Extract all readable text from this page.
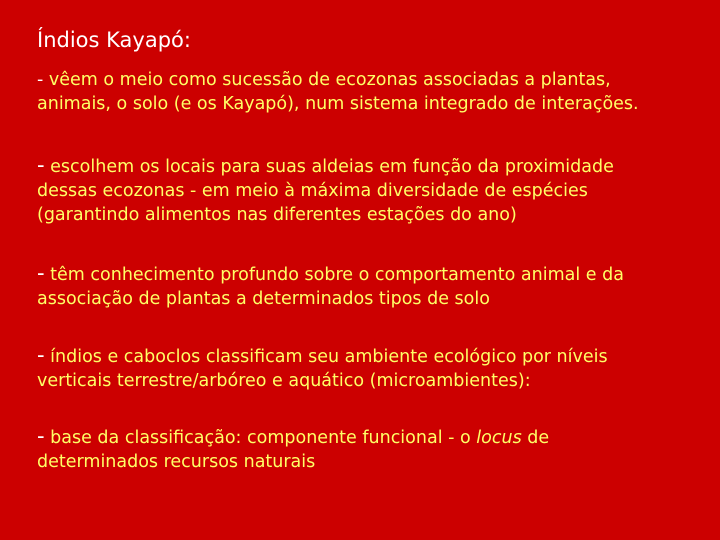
Índios Kayapó:

- vêem o meio como sucessão de ecozonas associadas a plantas,
animais, o solo (e os Kayapó), num sistema integrado de interações.

- escolhem os locais para suas aldeias em função da proximidade
dessas ecozonas - em meio à máxima diversidade de espécies
(garantindo alimentos nas diferentes estações do ano)

- têm conhecimento profundo sobre o comportamento animal e da
associação de plantas a determinados tipos de solo

- índios e caboclos classificam seu ambiente ecológico por níveis
verticais terrestre/arbóreo e aquático (microambientes):

- base da classificação: componente funcional - o locus de
determinados recursos naturais
